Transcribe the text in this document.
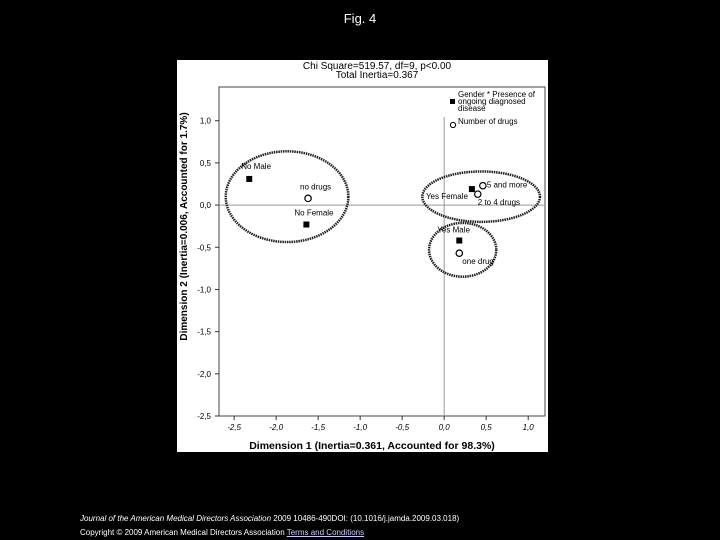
Fig. 4
Chi Square=519.57, df=9, p<0.00
Total Inertia=0.367
-2,5	-2,0	-1,5	-1,0	-0,5	0,0	0,5	1,0
1,0
0,5
0,0
-0,5
-1,0
-1,5
-2,0
-2,5
Dimension 1 (Inertia=0.361, Accounted for 98.3%)
Dimension 2 (Inertia=0.006, Accounted for 1.7%)	No Male
No Female
Yes Female
Yes Male
no drugs	5 and more
2 to 4 drugs
one drug
Gender * Presence of
ongoing diagnosed
disease
Number of drugs
Journal of the American Medical Directors Association 2009 10486-490DOI: (10.1016/j.jamda.2009.03.018)
Copyright © 2009 American Medical Directors Association Terms and Conditions
